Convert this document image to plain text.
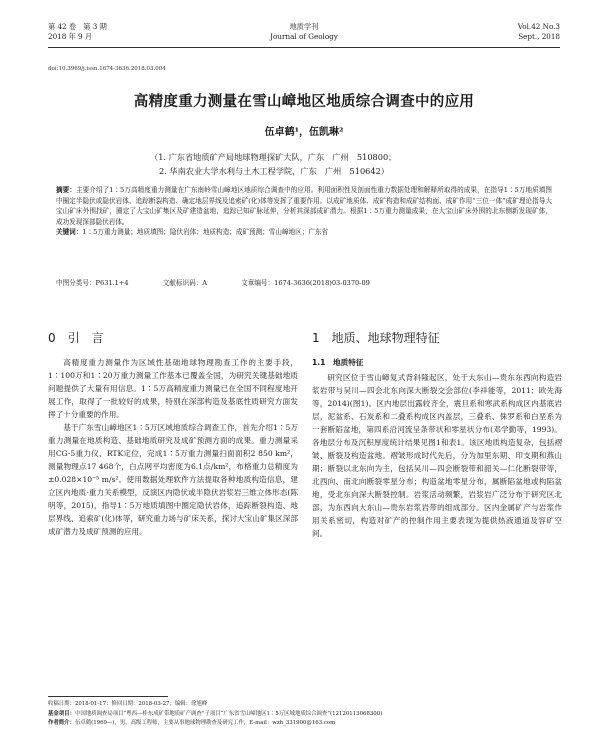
第 42 卷　第 3 期
2018 年 9 月
地质学刊
Journal of Geology
Vol.42 No.3
Sept., 2018
doi:10.3969/j.issn.1674-3636.2018.03.004
高精度重力测量在雪山嶂地区地质综合调查中的应用
伍卓鹤¹，伍凯琳²
（1. 广东省地质矿产局地球物理探矿大队，广东　广州　510800；
2. 华南农业大学水利与土木工程学院，广东　广州　510642）
摘要：主要介绍了1∶5万高精度重力测量在广东南岭雪山嶂地区地质综合调查中的应用。利用面积性及剖面性重力数据处理和解释所取得的成果，在指导1∶5万地质填图中圈定半隐伏或隐伏岩体、追踪断裂构造、确定地层界线及追索矿(化)体等发挥了重要作用。以成矿地质体、成矿构造和成矿结构面、成矿作用“三位一体”成矿理论指导大宝山矿床外围找矿，圈定了大宝山矿集区及矿建造盆地，追踪已知矿脉延伸，分析其深部成矿潜力。根据1∶5万重力测量成果，在大宝山矿床外围的北东侧新发现矿体，成功发现深部隐伏岩体。
关键词：1∶5万重力测量；地质填图；隐伏岩体；地质构造；成矿预测；雪山嶂地区；广东省
中图分类号：P631.1+4	文献标识码：A	文章编号：1674-3636(2018)03-0370-09
0　引　言

高精度重力测量作为区域性基础地球物理勘查工作的主要手段，1∶100万和1∶20万重力测量工作基本已覆盖全国，为研究关键基础地质问题提供了大量有用信息。1∶5万高精度重力测量已在全国不同程度地开展工作，取得了一批较好的成果，特别在深部构造及基底性质研究方面发挥了十分重要的作用。

基于广东雪山嶂地区1∶5万区域地质综合调查工作，首先介绍1∶5万重力测量在地质构造、基础地质研究及成矿预测方面的成果。重力测量采用CG-5重力仪、RTK定位，完成1∶5万重力测量扫面面积2 850 km²，测量物理点17 468个，白点网平均密度为6.1点/km²，布格重力总精度为±0.028×10⁻⁵ m/s²。使用数据处理软件方法提取各种地质构造信息，建立区内地质-重力关系模型，反演区内隐伏或半隐伏岩浆岩三维立体形态(陈明等，2015)，指导1∶5万地质填图中圈定隐伏岩体，追踪断裂构造、地层界线、追索矿(化)体等，研究重力场与矿床关系，探讨大宝山矿集区深部成矿潜力及成矿预测的应用。

1　地质、地球物理特征
1.1　地质特征

研究区位于雪山嶂复式背斜隆起区，处于大东山—贵东东西向构造岩浆岩带与吴川—四会北东向深大断裂交会部位(李祥能等，2011；欧先海等，2014)(图1)。区内地层出露较齐全，震旦系和寒武系构成区内基底岩层，泥盆系、石炭系和二叠系构成区内盖层，三叠系、侏罗系和白垩系为一套断陷盆地，第四系沿河流呈条带状和零星状分布(邓学勤等，1993)。各地层分布及沉积厚度统计结果见图1和表1。该区地质构造复杂，包括褶皱、断裂及构造盆地。褶皱形成时代先后，分为加里东期、印支期和燕山期；断裂以北东向为主，包括吴川—四会断裂带和韶关—仁化断裂带等，北西向、南北向断裂零星分布；构造盆地零星分布，属断陷盆地或构陷盆地，受北东向深大断裂控制。岩浆活动频繁，岩浆岩广泛分布于研究区北部，为东西向大东山—贵东岩浆岩带的组成部分。区内金属矿产与岩浆作用关系密切，构造对矿产的控制作用主要表现为提供热液通道及容矿空间。

收稿日期：2018-01-17；修回日期：2018-03-27；编辑：徐旭峰
基金项目：中国地质调查局项目“粤西—桂东成矿带地质矿产调查”子项目“广东省雪山嶂地区1∶5万区域地质综合调查”(12120113068300)
作者简介：伍卓鹤(1969—)，男，高级工程师，主要从事地球物理勘查及研究工作，E-mail：wzh_331900@163.com
